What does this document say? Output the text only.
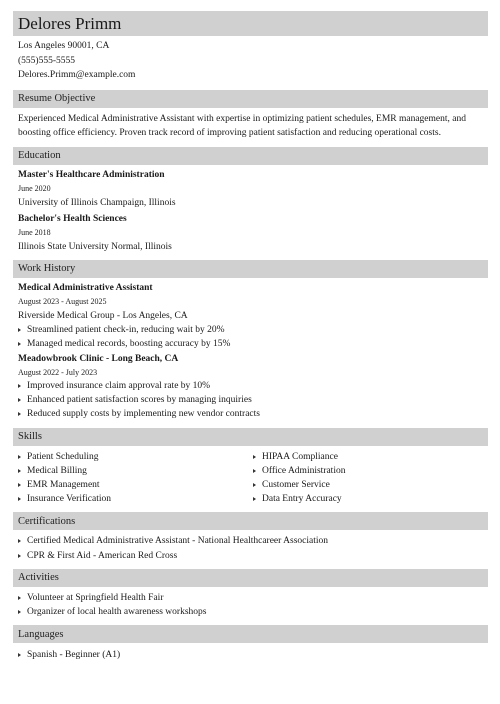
Delores Primm
Los Angeles 90001, CA
(555)555-5555
Delores.Primm@example.com
Resume Objective
Experienced Medical Administrative Assistant with expertise in optimizing patient schedules, EMR management, and boosting office efficiency. Proven track record of improving patient satisfaction and reducing operational costs.
Education
Master's Healthcare Administration
June 2020
University of Illinois Champaign, Illinois
Bachelor's Health Sciences
June 2018
Illinois State University Normal, Illinois
Work History
Medical Administrative Assistant
August 2023 - August 2025
Riverside Medical Group - Los Angeles, CA
Streamlined patient check-in, reducing wait by 20%
Managed medical records, boosting accuracy by 15%
Meadowbrook Clinic - Long Beach, CA
August 2022 - July 2023
Improved insurance claim approval rate by 10%
Enhanced patient satisfaction scores by managing inquiries
Reduced supply costs by implementing new vendor contracts
Skills
Patient Scheduling
Medical Billing
EMR Management
Insurance Verification
HIPAA Compliance
Office Administration
Customer Service
Data Entry Accuracy
Certifications
Certified Medical Administrative Assistant - National Healthcareer Association
CPR & First Aid - American Red Cross
Activities
Volunteer at Springfield Health Fair
Organizer of local health awareness workshops
Languages
Spanish - Beginner (A1)
